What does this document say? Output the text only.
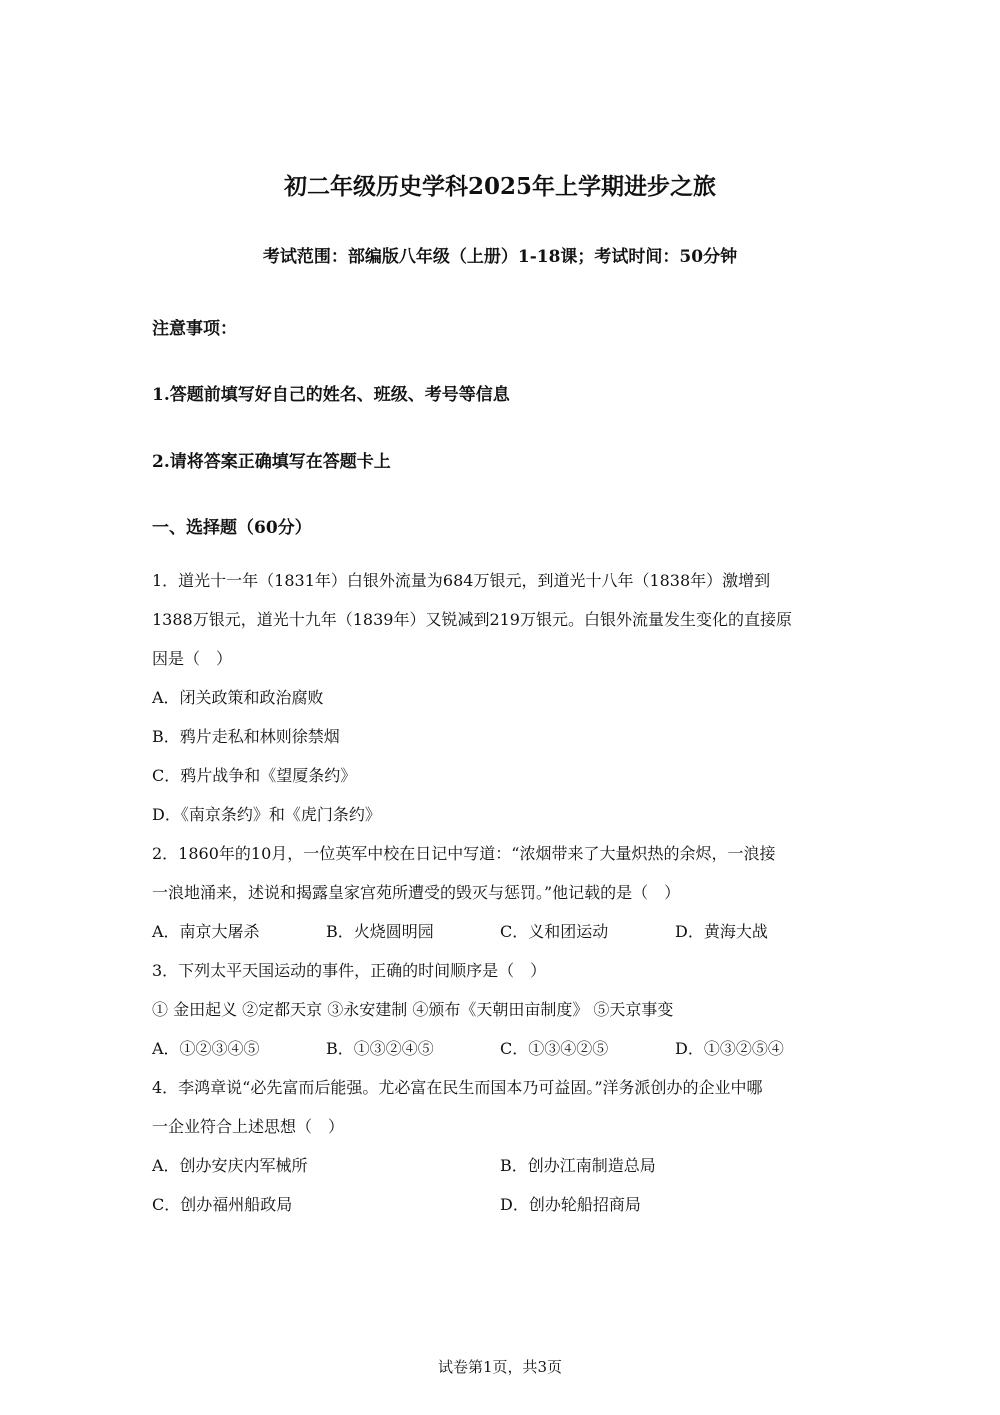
初二年级历史学科2025年上学期进步之旅
考试范围：部编版八年级（上册）1-18课；考试时间：50分钟
注意事项：
1.答题前填写好自己的姓名、班级、考号等信息
2.请将答案正确填写在答题卡上
一、选择题（60分）
1．道光十一年（1831年）白银外流量为684万银元，到道光十八年（1838年）激增到
1388万银元，道光十九年（1839年）又锐减到219万银元。白银外流量发生变化的直接原
因是（　）
A．闭关政策和政治腐败
B．鸦片走私和林则徐禁烟
C．鸦片战争和《望厦条约》
D．《南京条约》和《虎门条约》
2．1860年的10月，一位英军中校在日记中写道：“浓烟带来了大量炽热的余烬，一浪接
一浪地涌来，述说和揭露皇家宫苑所遭受的毁灭与惩罚。”他记载的是（　）
A．南京大屠杀	B．火烧圆明园	C．义和团运动	D．黄海大战
3．下列太平天国运动的事件，正确的时间顺序是（　）
① 金田起义 ②定都天京 ③永安建制 ④颁布《天朝田亩制度》 ⑤天京事变
A．①②③④⑤	B．①③②④⑤	C．①③④②⑤	D．①③②⑤④
4．李鸿章说“必先富而后能强。尤必富在民生而国本乃可益固。”洋务派创办的企业中哪
一企业符合上述思想（　）
A．创办安庆内军械所	B．创办江南制造总局
C．创办福州船政局	D．创办轮船招商局
试卷第1页，共3页
